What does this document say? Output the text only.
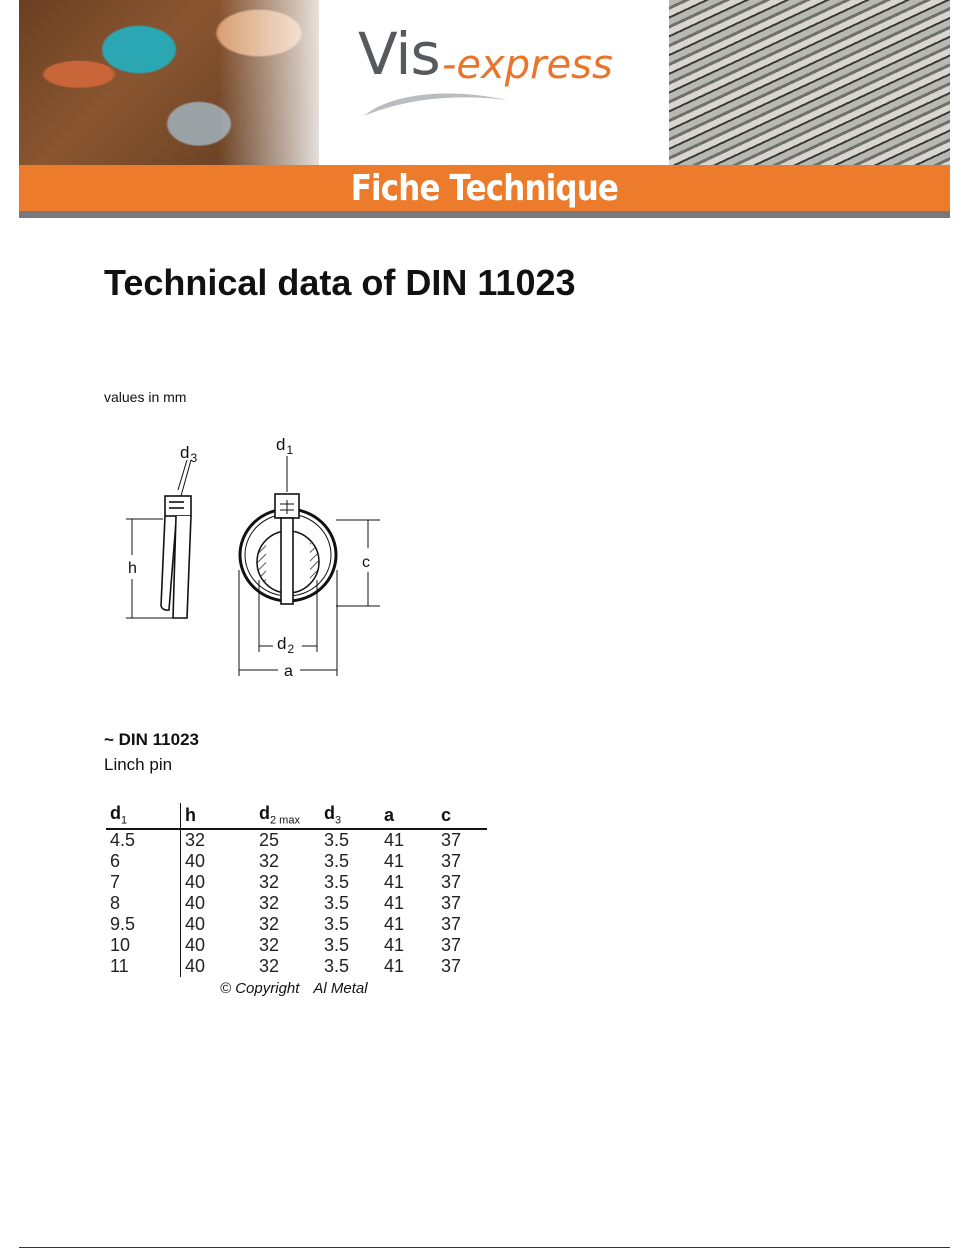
Vis -express
Fiche Technique
Technical data of DIN 11023
values in mm
h
$d_3$
$d_1$
c
$d_2$
a
~ DIN 11023
Linch pin
$d_1$	h	$d_{2 max}$	$d_3$	a	c
4.5	32	25	3.5	41	37
6	40	32	3.5	41	37
7	40	32	3.5	41	37
8	40	32	3.5	41	37
9.5	40	32	3.5	41	37
10	40	32	3.5	41	37
11	40	32	3.5	41	37
© Copyright Al Metal
